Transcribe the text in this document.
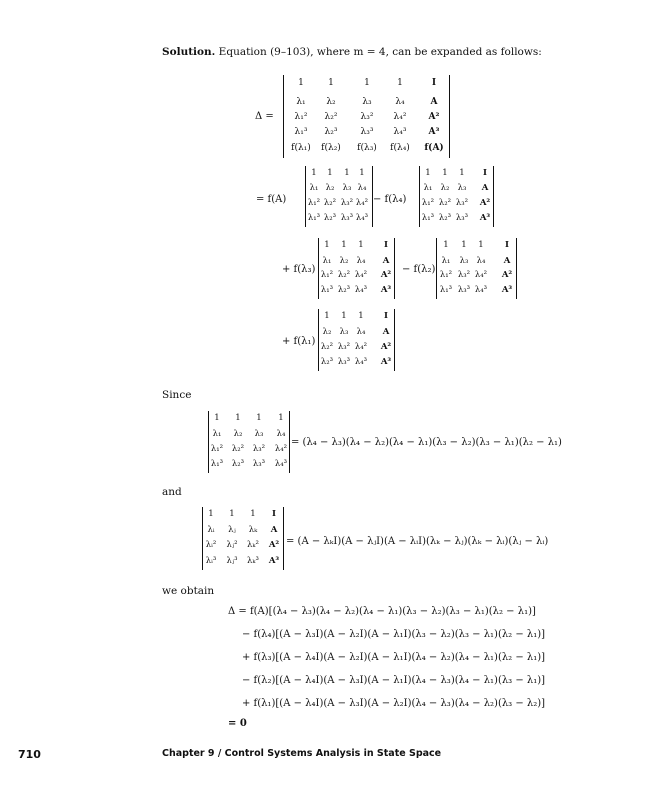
Solution. Equation (9–103), where m = 4, can be expanded as follows:
Δ =
1	1	1	1	I
λ₁	λ₂	λ₃	λ₄	A
λ₁²	λ₂²	λ₃²	λ₄²	A²
λ₁³	λ₂³	λ₃³	λ₄³	A³
f(λ₁)	f(λ₂)	f(λ₃)	f(λ₄)	f(A)
= f(A)
1	1	1	1
λ₁ λ₂ λ₃ λ₄
λ₁² λ₂² λ₃² λ₄²
λ₁³ λ₂³ λ₃³ λ₄³
− f(λ₄)
1	1	1	I
λ₁ λ₂ λ₃	A
λ₁² λ₂² λ₃²	A²
λ₁³ λ₂³ λ₃³	A³
+ f(λ₃)
1	1	1	I
λ₁ λ₂ λ₄	A
λ₁² λ₂² λ₄²	A²
λ₁³ λ₂³ λ₄³	A³
− f(λ₂)
1	1	1	I
λ₁	λ₃ λ₄	A
λ₁² λ₃² λ₄²	A²
λ₁³ λ₃³ λ₄³	A³
+ f(λ₁)
1	1	1	I
λ₂ λ₃ λ₄	A
λ₂² λ₃² λ₄²	A²
λ₂³ λ₃³ λ₄³	A³
Since
1	1	1	1
λ₁	λ₂	λ₃	λ₄
λ₁²	λ₂²	λ₃²	λ₄²
λ₁³	λ₂³	λ₃³	λ₄³
= (λ₄ − λ₃)(λ₄ − λ₂)(λ₄ − λ₁)(λ₃ − λ₂)(λ₃ − λ₁)(λ₂ − λ₁)
and
1	1	1	I
λᵢ	λⱼ	λₖ	A
λᵢ²	λⱼ²	λₖ²	A²
λᵢ³	λⱼ³	λₖ³	A³
= (A − λₖI)(A − λⱼI)(A − λᵢI)(λₖ − λⱼ)(λₖ − λᵢ)(λⱼ − λᵢ)
we obtain
Δ = f(A)[(λ₄ − λ₃)(λ₄ − λ₂)(λ₄ − λ₁)(λ₃ − λ₂)(λ₃ − λ₁)(λ₂ − λ₁)]
− f(λ₄)[(A − λ₃I)(A − λ₂I)(A − λ₁I)(λ₃ − λ₂)(λ₃ − λ₁)(λ₂ − λ₁)]
+ f(λ₃)[(A − λ₄I)(A − λ₂I)(A − λ₁I)(λ₄ − λ₂)(λ₄ − λ₁)(λ₂ − λ₁)]
− f(λ₂)[(A − λ₄I)(A − λ₃I)(A − λ₁I)(λ₄ − λ₃)(λ₄ − λ₁)(λ₃ − λ₁)]
+ f(λ₁)[(A − λ₄I)(A − λ₃I)(A − λ₂I)(λ₄ − λ₃)(λ₄ − λ₂)(λ₃ − λ₂)]
= 0
710	Chapter 9 / Control Systems Analysis in State Space
